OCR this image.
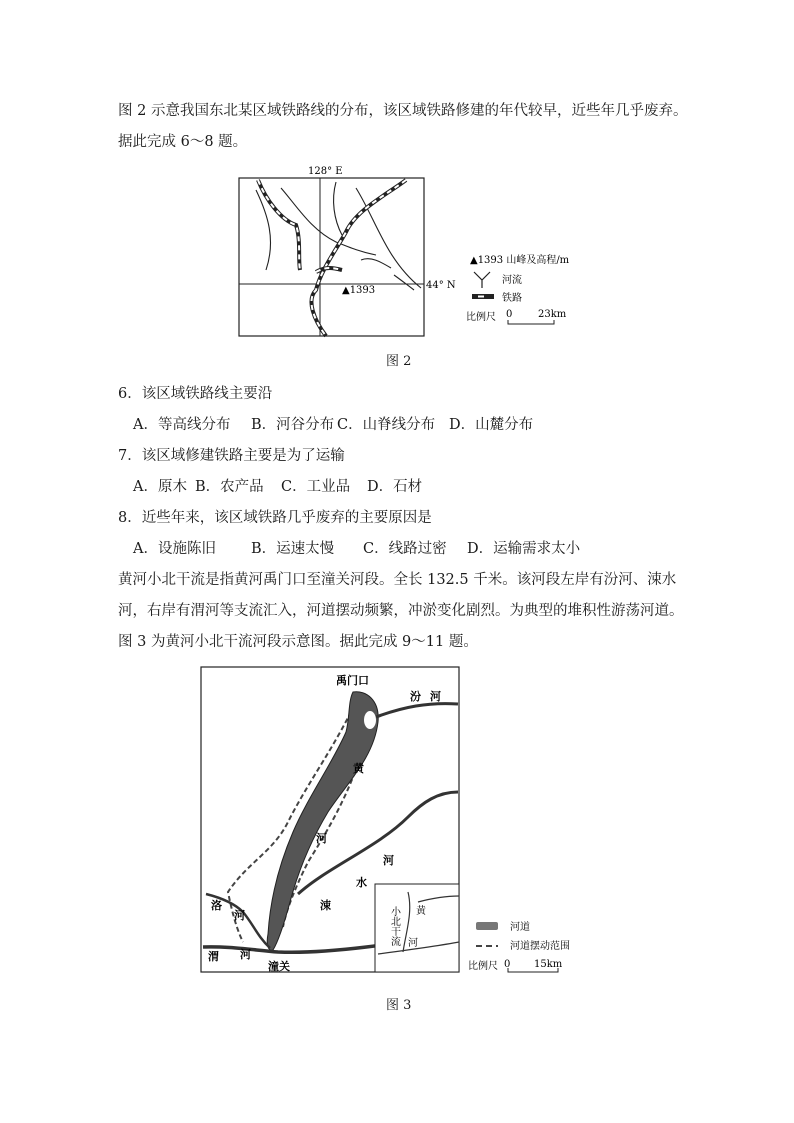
图 2 示意我国东北某区域铁路线的分布，该区域铁路修建的年代较早，近些年几乎废弃。据此完成 6～8 题。

128° E
44° N
▲1393
▲1393 山峰及高程/m
河流
铁路
比例尺 0	23km
图 2
6．该区域铁路线主要沿
A．等高线分布 B．河谷分布 C．山脊线分布 D．山麓分布
7．该区域修建铁路主要是为了运输
A．原木 B．农产品 C．工业品 D．石材
8．近些年来，该区域铁路几乎废弃的主要原因是
A．设施陈旧 B．运速太慢 C．线路过密 D．运输需求太小

黄河小北干流是指黄河禹门口至潼关河段。全长 132.5 千米。该河段左岸有汾河、涑水河，右岸有渭河等支流汇入，河道摆动频繁，冲淤变化剧烈。为典型的堆积性游荡河道。图 3 为黄河小北干流河段示意图。据此完成 9～11 题。

禹门口
汾 河
黄
河
河
水
涑
洛
河
渭 河
潼关
黄
河
小北干流	河道
河道摆动范围
比例尺 0 15km
图 3
